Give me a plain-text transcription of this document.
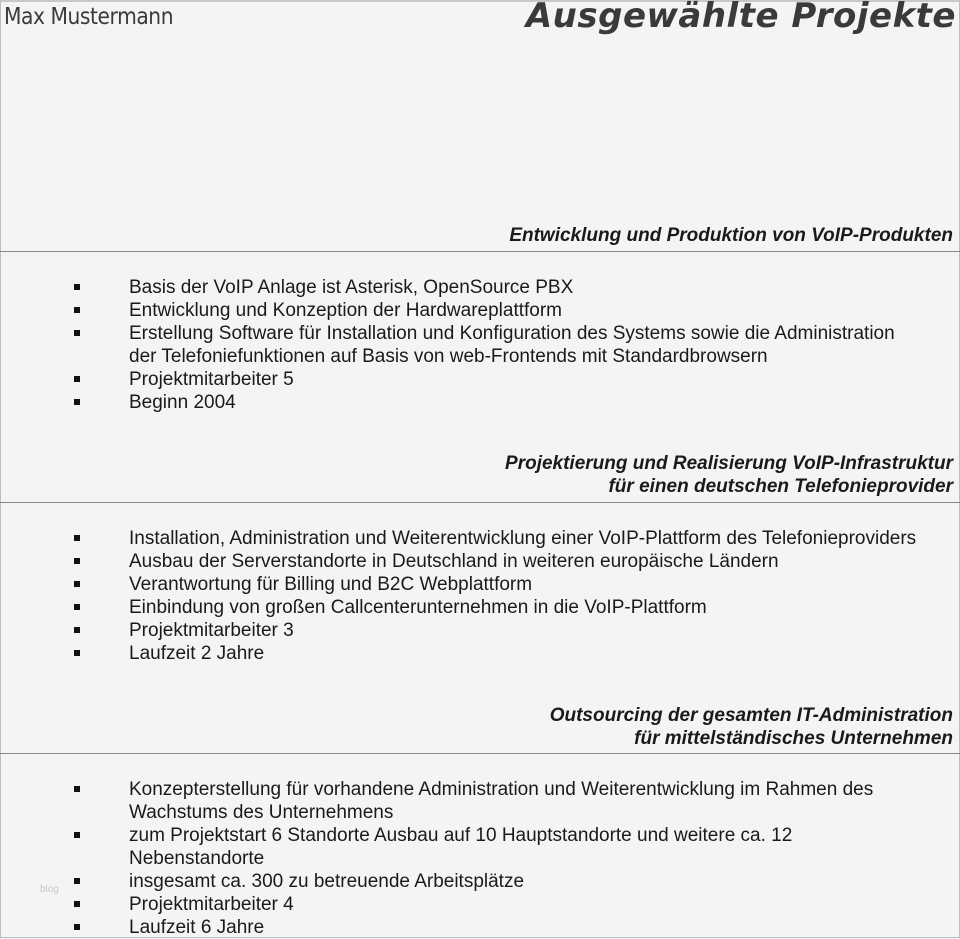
Max Mustermann	Ausgewählte Projekte
blog
Entwicklung und Produktion von VoIP-Produkten
Basis der VoIP Anlage ist Asterisk, OpenSource PBX
Entwicklung und Konzeption der Hardwareplattform
Erstellung Software für Installation und Konfiguration des Systems sowie die Administration
der Telefoniefunktionen auf Basis von web-Frontends mit Standardbrowsern
Projektmitarbeiter 5
Beginn 2004
Projektierung und Realisierung VoIP-Infrastruktur
für einen deutschen Telefonieprovider
Installation, Administration und Weiterentwicklung einer VoIP-Plattform des Telefonieproviders
Ausbau der Serverstandorte in Deutschland in weiteren europäische Ländern
Verantwortung für Billing und B2C Webplattform
Einbindung von großen Callcenterunternehmen in die VoIP-Plattform
Projektmitarbeiter 3
Laufzeit 2 Jahre
Outsourcing der gesamten IT-Administration
für mittelständisches Unternehmen
Konzepterstellung für vorhandene Administration und Weiterentwicklung im Rahmen des
Wachstums des Unternehmens
zum Projektstart 6 Standorte Ausbau auf 10 Hauptstandorte und weitere ca. 12
Nebenstandorte
insgesamt ca. 300 zu betreuende Arbeitsplätze
Projektmitarbeiter 4
Laufzeit 6 Jahre
